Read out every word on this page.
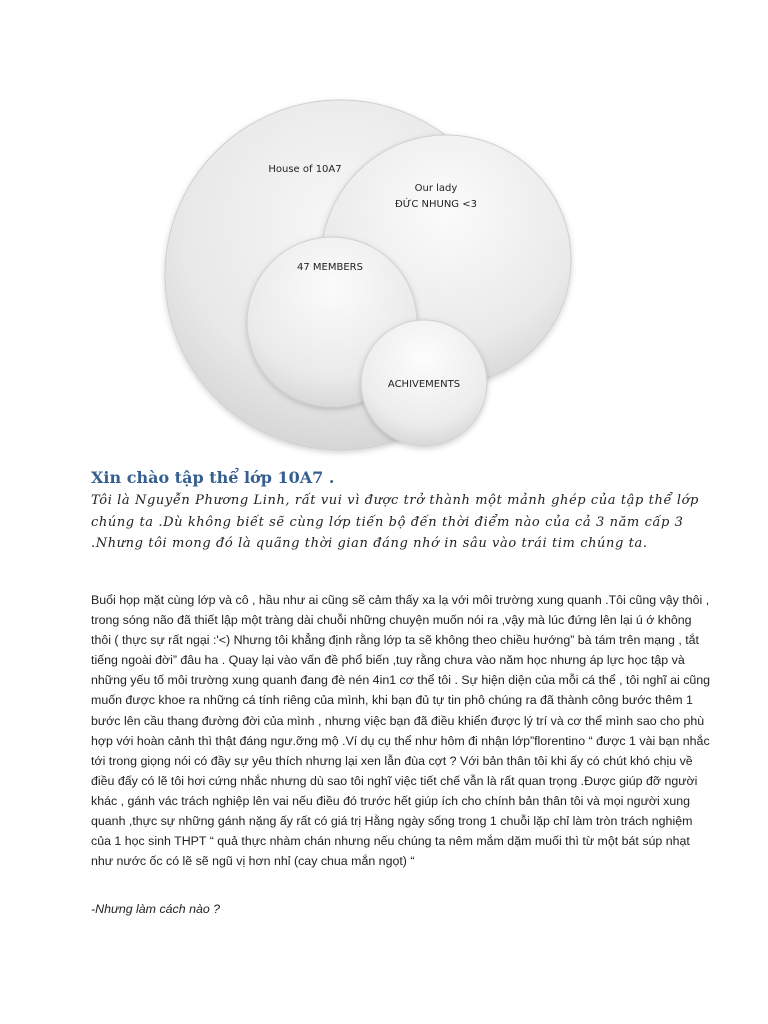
House of 10A7
Our lady
ĐỨC NHUNG <3
47 MEMBERS
ACHIVEMENTS
Xin chào tập thể lớp 10A7 .

Tôi là Nguyễn Phương Linh, rất vui vì được trở thành một mảnh ghép của tập thể lớp chúng ta .Dù không biết sẽ cùng lớp tiến bộ đến thời điểm nào của cả 3 năm cấp 3 .Nhưng tôi mong đó là quãng thời gian đáng nhớ in sâu vào trái tim chúng ta.

Buổi họp mặt cùng lớp và cô , hầu như ai cũng sẽ cảm thấy xa lạ với môi trường xung quanh .Tôi cũng vậy thôi , trong sóng não đã thiết lập một tràng dài chuỗi những chuyện muốn nói ra ,vậy mà lúc đứng lên lại ú ớ không thôi ( thực sự rất ngại :'<) Nhưng tôi khẳng định rằng lớp ta sẽ không theo chiều hướng” bà tám trên mạng , tắt tiếng ngoài đời” đâu ha . Quay lại vào vấn đề phổ biến ,tuy rằng chưa vào năm học nhưng áp lực học tập và những yếu tố môi trường xung quanh đang đè nén 4in1 cơ thể tôi . Sự hiện diện của mỗi cá thể , tôi nghĩ ai cũng muốn được khoe ra những cá tính riêng của mình, khi bạn đủ tự tin phô chúng ra đã thành công bước thêm 1 bước lên cầu thang đường đời của mình , nhưng việc bạn đã điều khiển được lý trí và cơ thể mình sao cho phù hợp với hoàn cảnh thì thật đáng ngư.ỡng mộ .Ví dụ cụ thể như hôm đi nhận lớp”florentino “ được 1 vài bạn nhắc tới trong giọng nói có đầy sự yêu thích nhưng lại xen lẫn đùa cợt ? Với bản thân tôi khi ấy có chút khó chịu về điều đấy có lẽ tôi hơi cứng nhắc nhưng dù sao tôi nghĩ việc tiết chế vẫn là rất quan trọng .Được giúp đỡ người khác , gánh vác trách nghiệp lên vai nếu điều đó trước hết giúp ích cho chính bản thân tôi và mọi người xung quanh ,thực sự những gánh nặng ấy rất có giá trị Hằng ngày sống trong 1 chuỗi lặp chỉ làm tròn trách nghiệm của 1 học sinh THPT “ quả thực nhàm chán nhưng nếu chúng ta nêm mắm dặm muối thì từ một bát súp nhạt như nước ốc có lẽ sẽ ngũ vị hơn nhỉ (cay chua mắn ngọt) “

-Nhưng làm cách nào ?
